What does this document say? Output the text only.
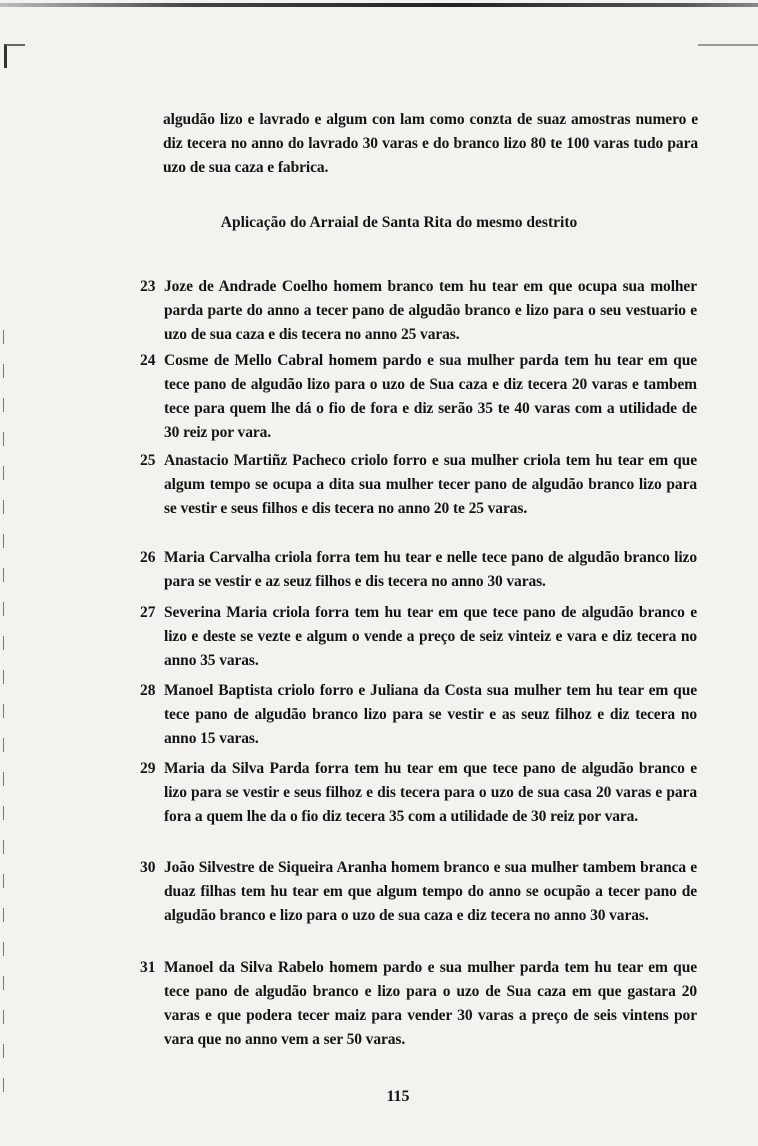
algudão lizo e lavrado e algum con lam como conzta de suaz amostras numero e diz tecera no anno do lavrado 30 varas e do branco lizo 80 te 100 varas tudo para uzo de sua caza e fabrica.

Aplicação do Arraial de Santa Rita do mesmo destrito

23 Joze de Andrade Coelho homem branco tem hu tear em que ocupa sua molher parda parte do anno a tecer pano de algudão branco e lizo para o seu vestuario e uzo de sua caza e dis tecera no anno 25 varas.

24 Cosme de Mello Cabral homem pardo e sua mulher parda tem hu tear em que tece pano de algudão lizo para o uzo de Sua caza e diz tecera 20 varas e tambem tece para quem lhe dá o fio de fora e diz serão 35 te 40 varas com a utilidade de 30 reiz por vara.

25 Anastacio Martiñz Pacheco criolo forro e sua mulher criola tem hu tear em que algum tempo se ocupa a dita sua mulher tecer pano de algudão branco lizo para se vestir e seus filhos e dis tecera no anno 20 te 25 varas.

26 Maria Carvalha criola forra tem hu tear e nelle tece pano de algudão branco lizo para se vestir e az seuz filhos e dis tecera no anno 30 varas.

27 Severina Maria criola forra tem hu tear em que tece pano de algudão branco e lizo e deste se vezte e algum o vende a preço de seiz vinteiz e vara e diz tecera no anno 35 varas.

28 Manoel Baptista criolo forro e Juliana da Costa sua mulher tem hu tear em que tece pano de algudão branco lizo para se vestir e as seuz filhoz e diz tecera no anno 15 varas.

29 Maria da Silva Parda forra tem hu tear em que tece pano de algudão branco e lizo para se vestir e seus filhoz e dis tecera para o uzo de sua casa 20 varas e para fora a quem lhe da o fio diz tecera 35 com a utilidade de 30 reiz por vara.

30 João Silvestre de Siqueira Aranha homem branco e sua mulher tambem branca e duaz filhas tem hu tear em que algum tempo do anno se ocupão a tecer pano de algudão branco e lizo para o uzo de sua caza e diz tecera no anno 30 varas.

31 Manoel da Silva Rabelo homem pardo e sua mulher parda tem hu tear em que tece pano de algudão branco e lizo para o uzo de Sua caza em que gastara 20 varas e que podera tecer maiz para vender 30 varas a preço de seis vintens por vara que no anno vem a ser 50 varas.

115
